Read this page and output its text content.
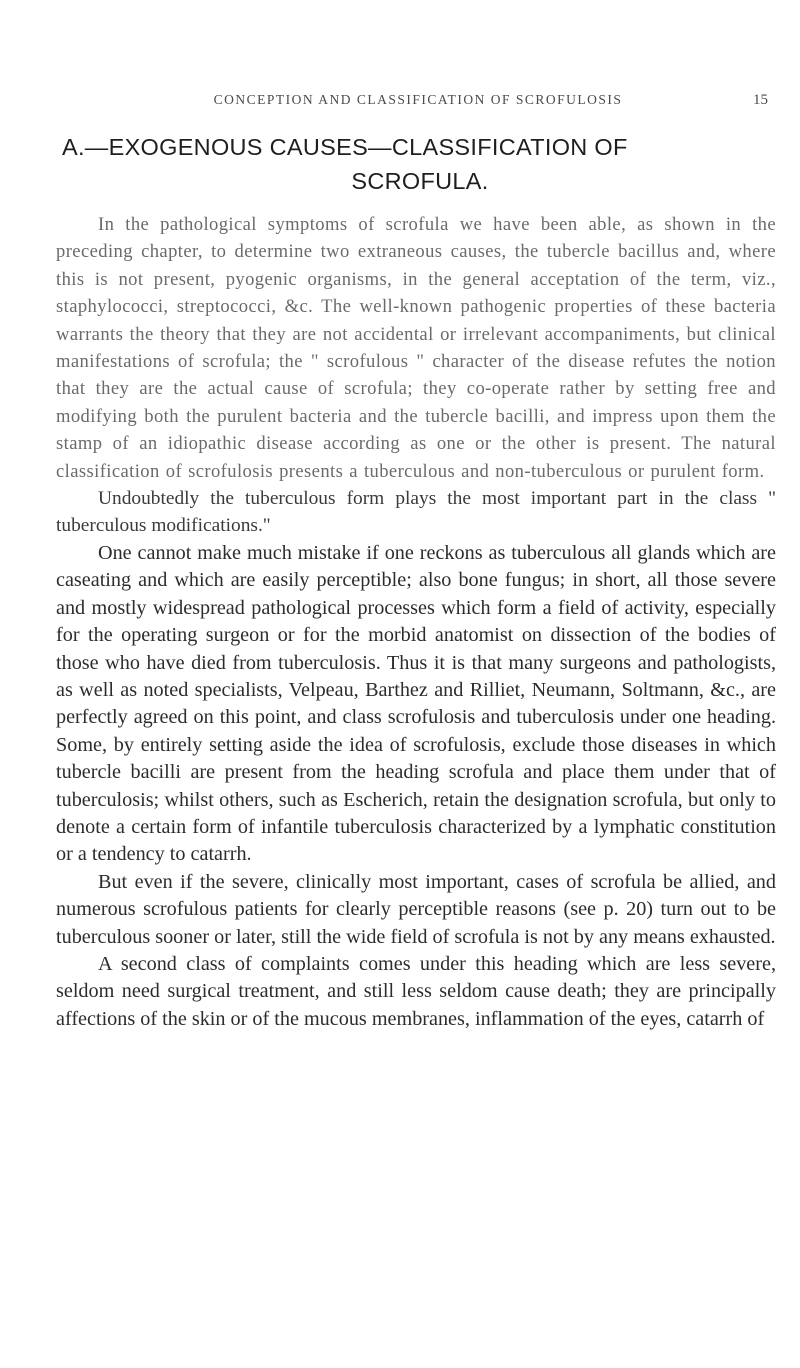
CONCEPTION AND CLASSIFICATION OF SCROFULOSIS	15
A.—EXOGENOUS CAUSES—CLASSIFICATION OF
SCROFULA.

In the pathological symptoms of scrofula we have been able, as shown in the preceding chapter, to determine two extraneous causes, the tubercle bacillus and, where this is not present, pyogenic organisms, in the general acceptation of the term, viz., staphylococci, streptococci, &c. The well-known pathogenic properties of these bacteria warrants the theory that they are not accidental or irrelevant accompaniments, but clinical manifestations of scrofula; the " scrofulous " character of the disease refutes the notion that they are the actual cause of scrofula; they co-operate rather by setting free and modifying both the purulent bacteria and the tubercle bacilli, and impress upon them the stamp of an idiopathic disease according as one or the other is present. The natural classification of scrofulosis presents a tuberculous and non-tuberculous or purulent form.

Undoubtedly the tuberculous form plays the most important part in the class " tuberculous modifications."

One cannot make much mistake if one reckons as tuberculous all glands which are caseating and which are easily perceptible; also bone fungus; in short, all those severe and mostly widespread pathological processes which form a field of activity, especially for the operating surgeon or for the morbid anatomist on dissection of the bodies of those who have died from tuberculosis. Thus it is that many surgeons and pathologists, as well as noted specialists, Velpeau, Barthez and Rilliet, Neumann, Soltmann, &c., are perfectly agreed on this point, and class scrofulosis and tuberculosis under one heading. Some, by entirely setting aside the idea of scrofulosis, exclude those diseases in which tubercle bacilli are present from the heading scrofula and place them under that of tuberculosis; whilst others, such as Escherich, retain the designation scrofula, but only to denote a certain form of infantile tuberculosis characterized by a lymphatic constitution or a tendency to catarrh.

But even if the severe, clinically most important, cases of scrofula be allied, and numerous scrofulous patients for clearly perceptible reasons (see p. 20) turn out to be tuberculous sooner or later, still the wide field of scrofula is not by any means exhausted.

A second class of complaints comes under this heading which are less severe, seldom need surgical treatment, and still less seldom cause death; they are principally affections of the skin or of the mucous membranes, inflammation of the eyes, catarrh of
